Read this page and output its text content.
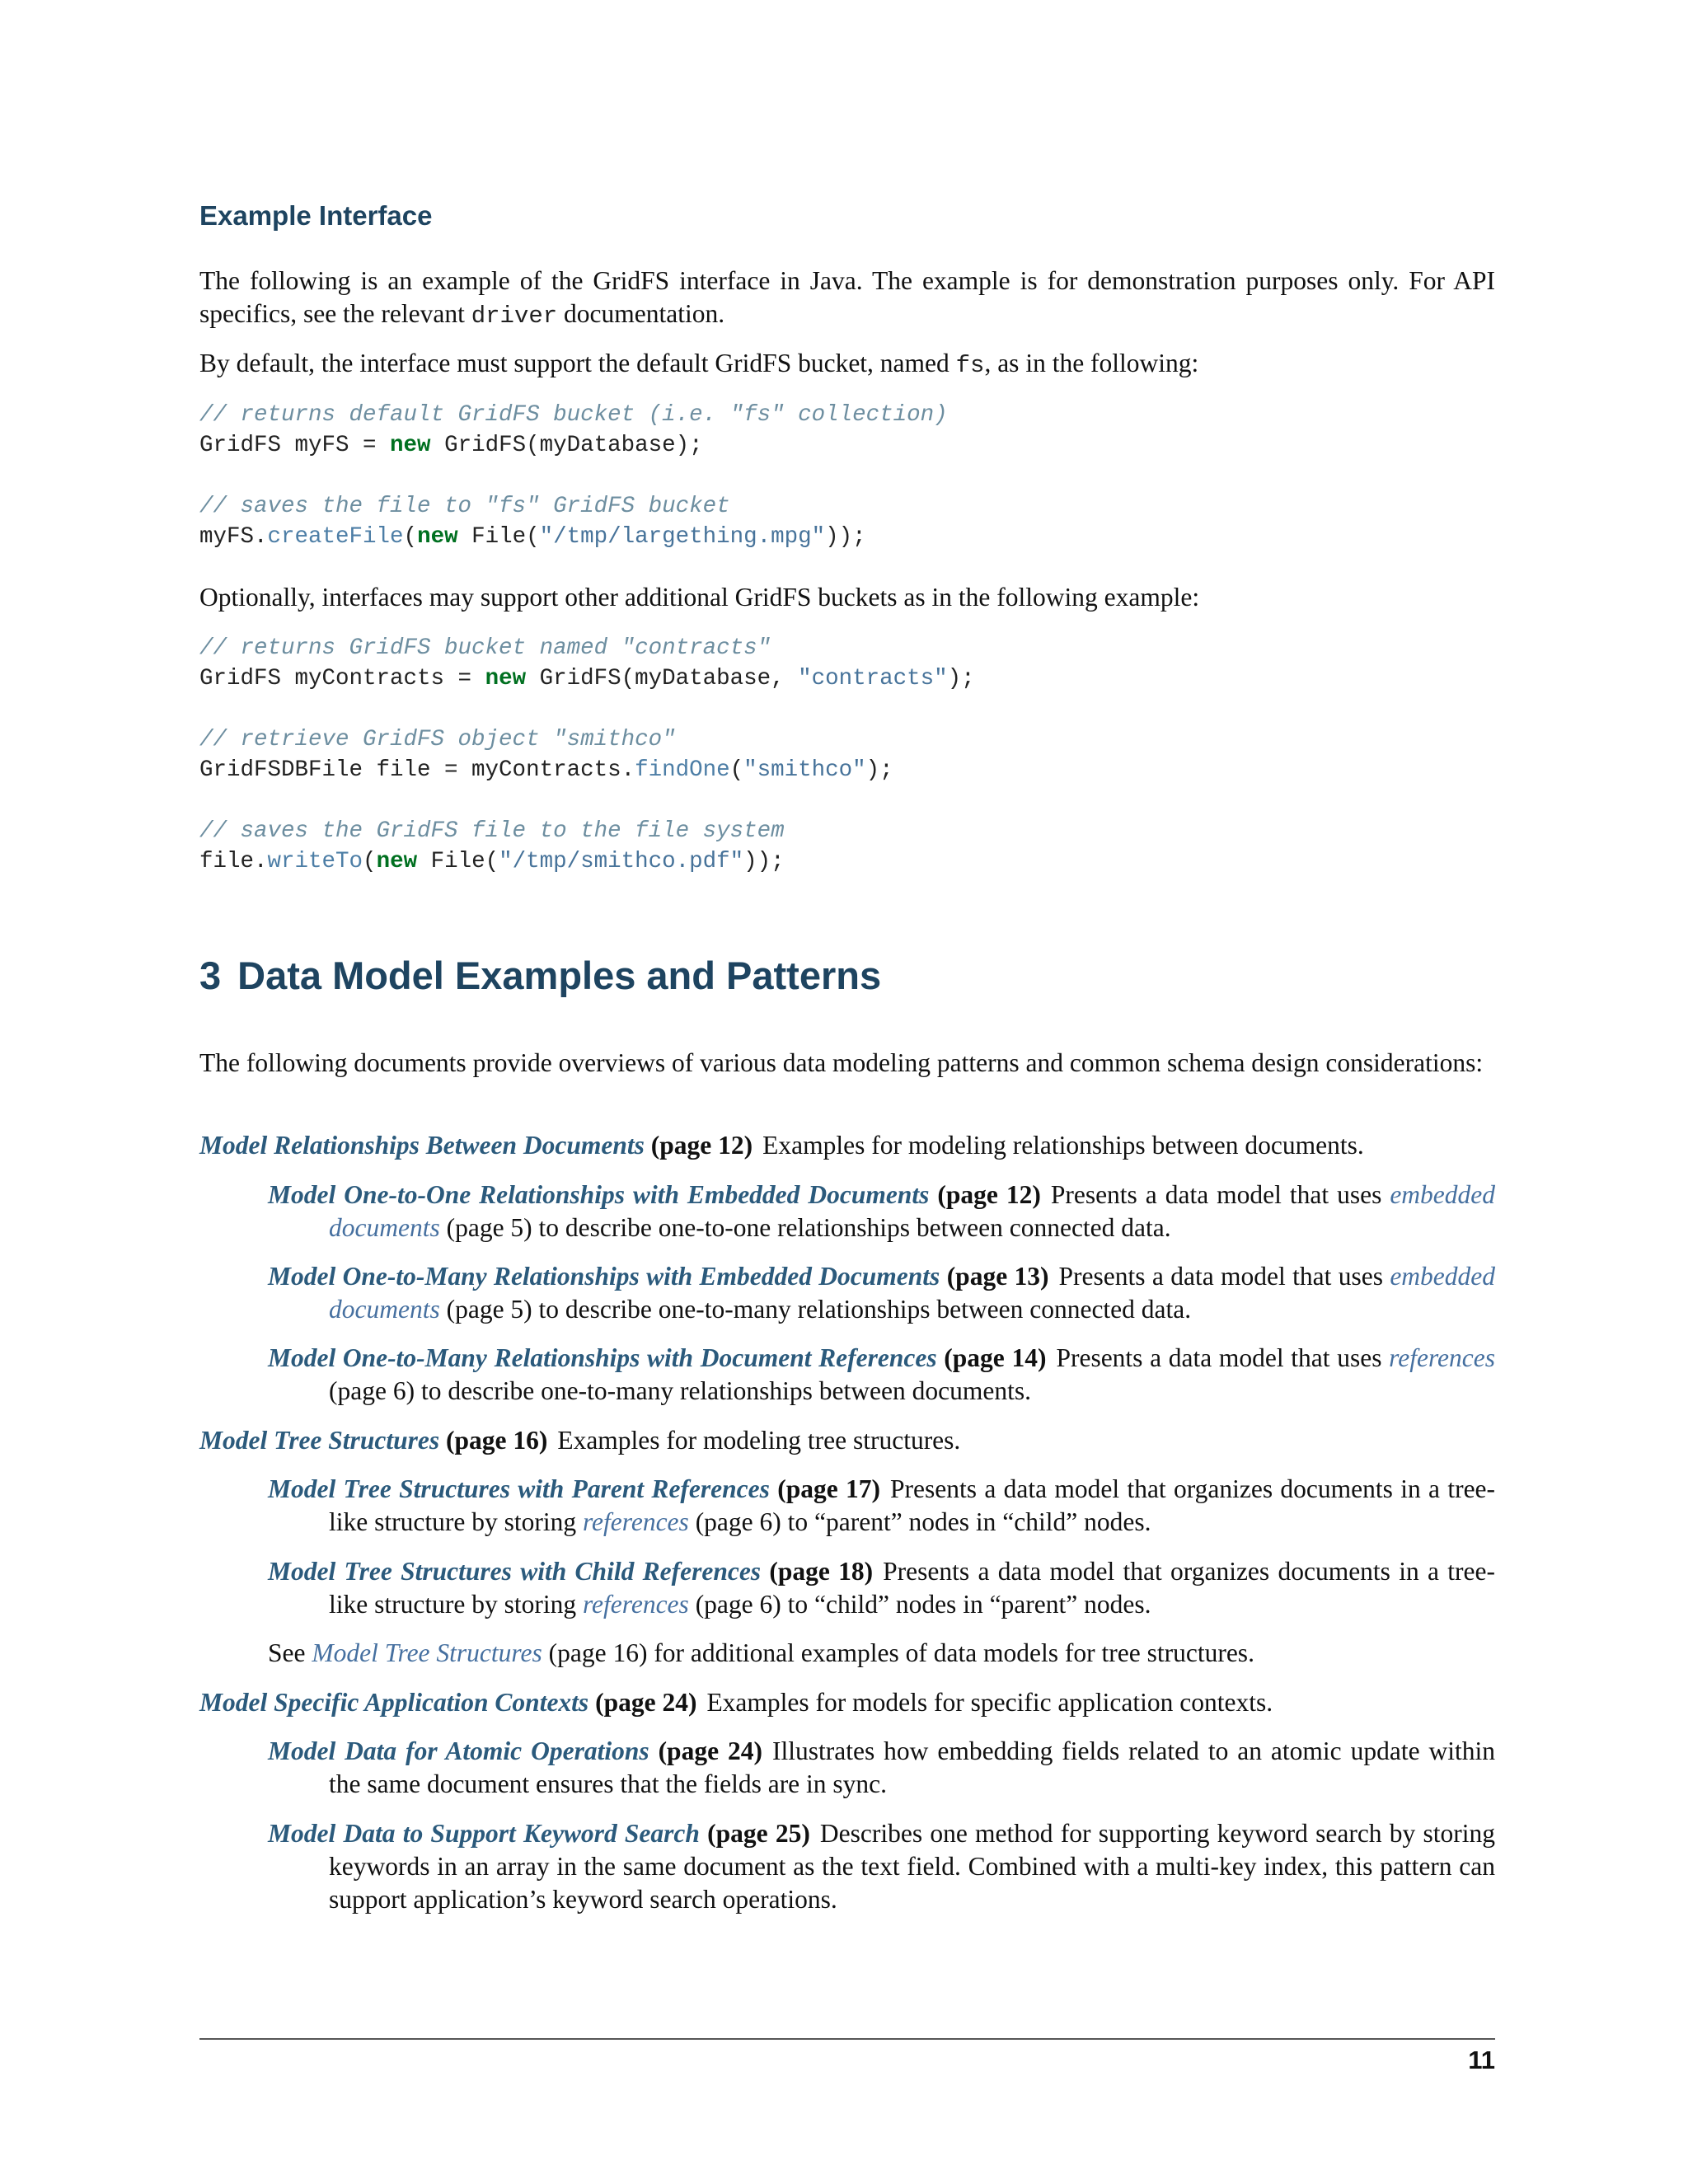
Example Interface

The following is an example of the GridFS interface in Java. The example is for demonstration purposes only. For API specifics, see the relevant driver documentation.

By default, the interface must support the default GridFS bucket, named fs, as in the following:

// returns default GridFS bucket (i.e. "fs" collection)
GridFS myFS = new GridFS(myDatabase);

// saves the file to "fs" GridFS bucket
myFS.createFile(new File("/tmp/largething.mpg"));

Optionally, interfaces may support other additional GridFS buckets as in the following example:

// returns GridFS bucket named "contracts"
GridFS myContracts = new GridFS(myDatabase, "contracts");

// retrieve GridFS object "smithco"
GridFSDBFile file = myContracts.findOne("smithco");

// saves the GridFS file to the file system
file.writeTo(new File("/tmp/smithco.pdf"));
3 Data Model Examples and Patterns

The following documents provide overviews of various data modeling patterns and common schema design considerations:

Model Relationships Between Documents (page 12) Examples for modeling relationships between documents.

Model One-to-One Relationships with Embedded Documents (page 12) Presents a data model that uses embedded documents (page 5) to describe one-to-one relationships between connected data.

Model One-to-Many Relationships with Embedded Documents (page 13) Presents a data model that uses embedded documents (page 5) to describe one-to-many relationships between connected data.

Model One-to-Many Relationships with Document References (page 14) Presents a data model that uses references (page 6) to describe one-to-many relationships between documents.

Model Tree Structures (page 16) Examples for modeling tree structures.

Model Tree Structures with Parent References (page 17) Presents a data model that organizes documents in a tree-like structure by storing references (page 6) to “parent” nodes in “child” nodes.

Model Tree Structures with Child References (page 18) Presents a data model that organizes documents in a tree-like structure by storing references (page 6) to “child” nodes in “parent” nodes.

See Model Tree Structures (page 16) for additional examples of data models for tree structures.

Model Specific Application Contexts (page 24) Examples for models for specific application contexts.

Model Data for Atomic Operations (page 24) Illustrates how embedding fields related to an atomic update within the same document ensures that the fields are in sync.

Model Data to Support Keyword Search (page 25) Describes one method for supporting keyword search by storing keywords in an array in the same document as the text field. Combined with a multi-key index, this pattern can support application’s keyword search operations.

11
